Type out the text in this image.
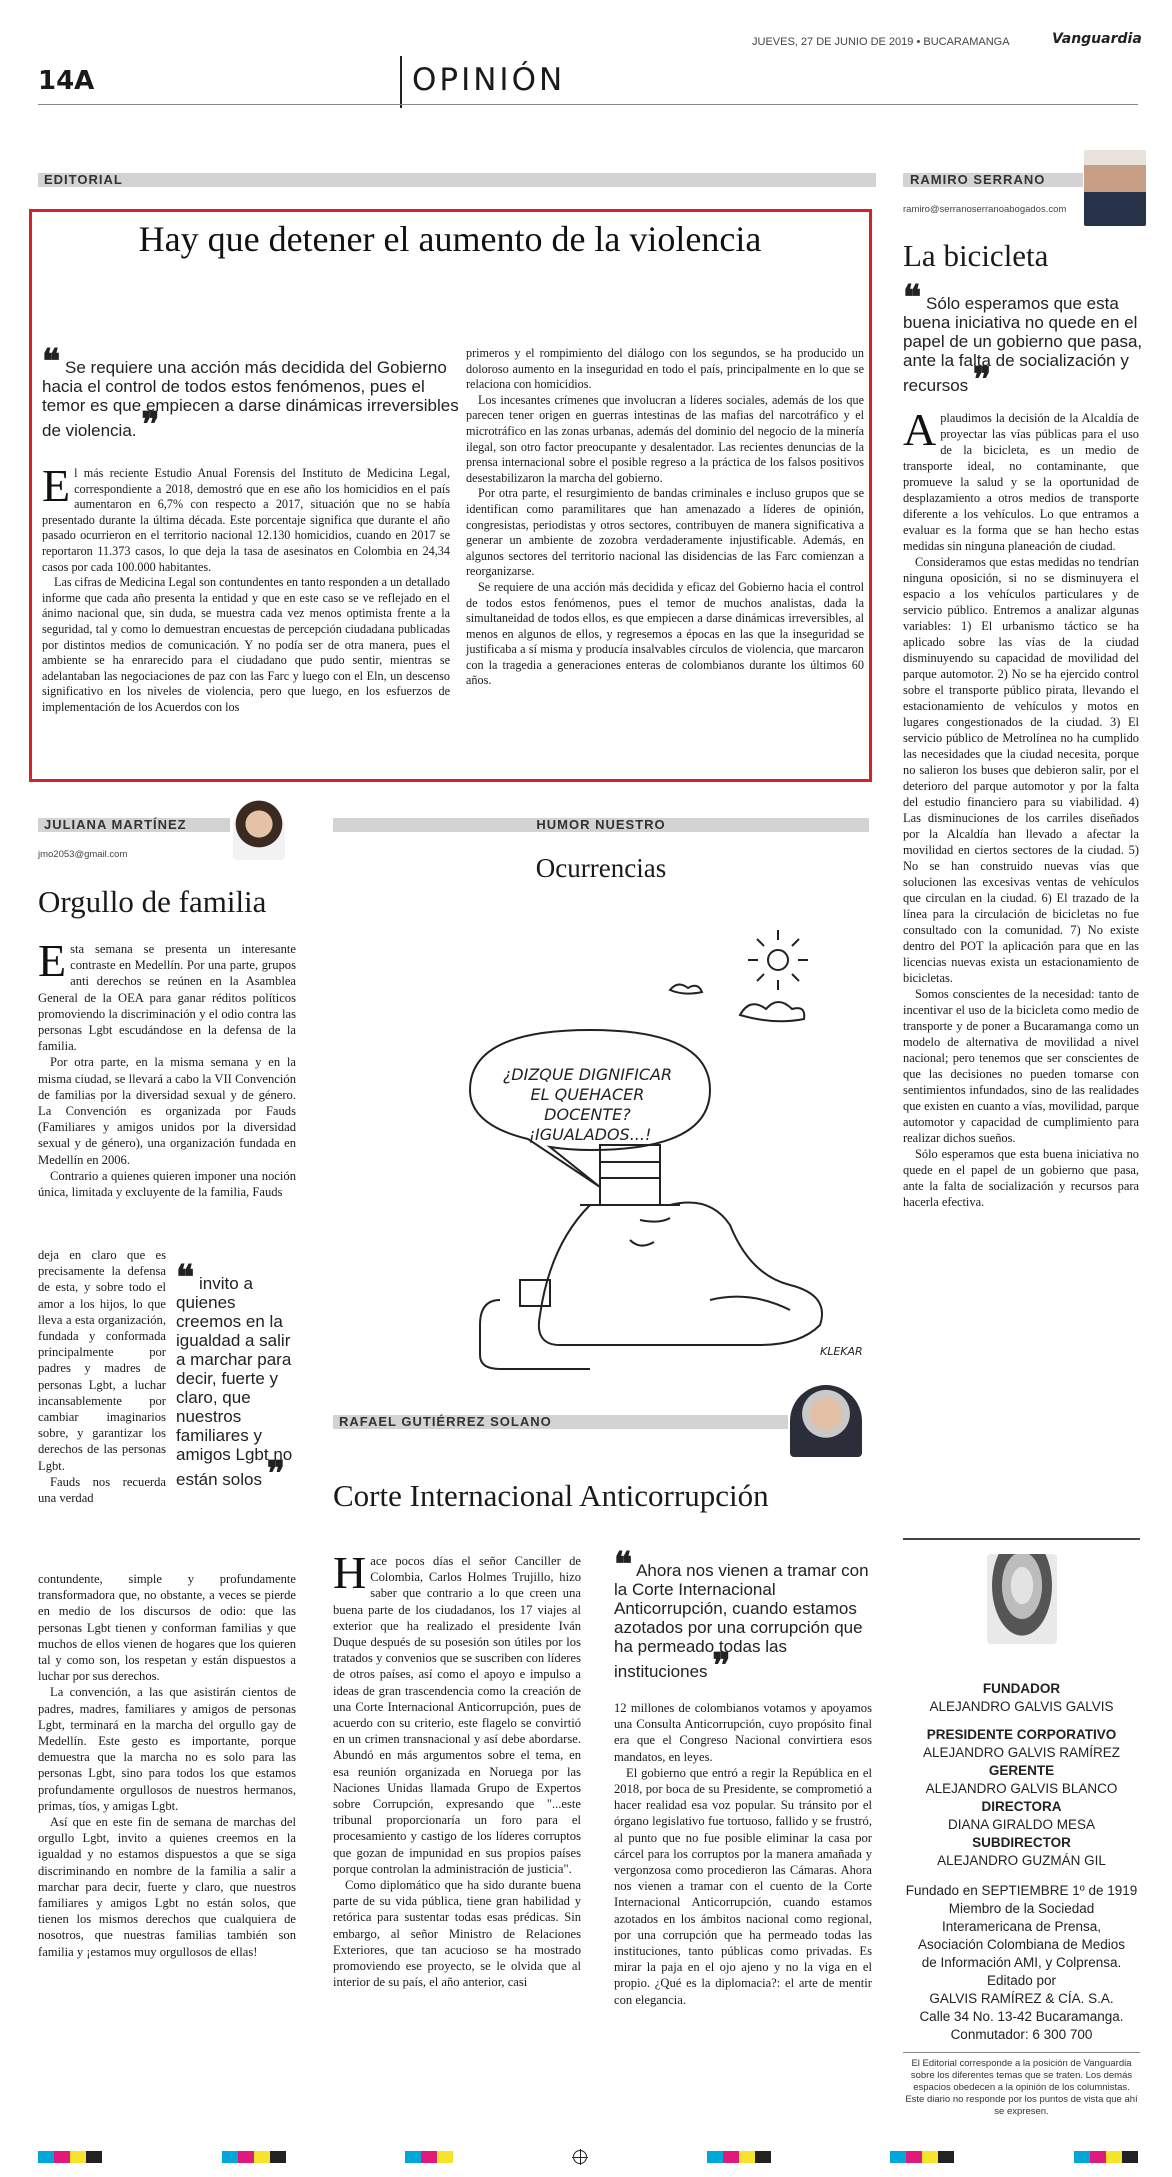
JUEVES, 27 DE JUNIO DE 2019 • BUCARAMANGA	Vanguardia
14A	OPINIÓN
EDITORIAL
Hay que detener el aumento de la violencia
❝ Se requiere una acción más decidida del Gobierno hacia el control de todos estos fenómenos, pues el temor es que empiecen a darse dinámicas irreversibles de violencia. ❞
E l más reciente Estudio Anual Forensis del Instituto de Medicina Legal, correspondiente a 2018, demostró que en ese año los homicidios en el país aumentaron en 6,7% con respecto a 2017, situación que no se había presentado durante la última década. Este porcentaje significa que durante el año pasado ocurrieron en el territorio nacional 12.130 homicidios, cuando en 2017 se reportaron 11.373 casos, lo que deja la tasa de asesinatos en Colombia en 24,34 casos por cada 100.000 habitantes.

Las cifras de Medicina Legal son contundentes en tanto responden a un detallado informe que cada año presenta la entidad y que en este caso se ve reflejado en el ánimo nacional que, sin duda, se muestra cada vez menos optimista frente a la seguridad, tal y como lo demuestran encuestas de percepción ciudadana publicadas por distintos medios de comunicación. Y no podía ser de otra manera, pues el ambiente se ha enrarecido para el ciudadano que pudo sentir, mientras se adelantaban las negociaciones de paz con las Farc y luego con el Eln, un descenso significativo en los niveles de violencia, pero que luego, en los esfuerzos de implementación de los Acuerdos con los

primeros y el rompimiento del diálogo con los segundos, se ha producido un doloroso aumento en la inseguridad en todo el país, principalmente en lo que se relaciona con homicidios.

Los incesantes crímenes que involucran a líderes sociales, además de los que parecen tener origen en guerras intestinas de las mafias del narcotráfico y el microtráfico en las zonas urbanas, además del dominio del negocio de la minería ilegal, son otro factor preocupante y desalentador. Las recientes denuncias de la prensa internacional sobre el posible regreso a la práctica de los falsos positivos desestabilizaron la marcha del gobierno.

Por otra parte, el resurgimiento de bandas criminales e incluso grupos que se identifican como paramilitares que han amenazado a líderes de opinión, congresistas, periodistas y otros sectores, contribuyen de manera significativa a generar un ambiente de zozobra verdaderamente injustificable. Además, en algunos sectores del territorio nacional las disidencias de las Farc comienzan a reorganizarse.

Se requiere de una acción más decidida y eficaz del Gobierno hacia el control de todos estos fenómenos, pues el temor de muchos analistas, dada la simultaneidad de todos ellos, es que empiecen a darse dinámicas irreversibles, al menos en algunos de ellos, y regresemos a épocas en las que la inseguridad se justificaba a sí misma y producía insalvables círculos de violencia, que marcaron con la tragedia a generaciones enteras de colombianos durante los últimos 60 años.

RAMIRO SERRANO
ramiro@serranoserranoabogados.com
La bicicleta
❝ Sólo esperamos que esta buena iniciativa no quede en el papel de un gobierno que pasa, ante la falta de socialización y recursos ❞
A plaudimos la decisión de la Alcaldía de proyectar las vías públicas para el uso de la bicicleta, es un medio de transporte ideal, no contaminante, que promueve la salud y se la oportunidad de desplazamiento a otros medios de transporte diferente a los vehículos. Lo que entramos a evaluar es la forma que se han hecho estas medidas sin ninguna planeación de ciudad.

Consideramos que estas medidas no tendrían ninguna oposición, si no se disminuyera el espacio a los vehículos particulares y de servicio público. Entremos a analizar algunas variables: 1) El urbanismo táctico se ha aplicado sobre las vías de la ciudad disminuyendo su capacidad de movilidad del parque automotor. 2) No se ha ejercido control sobre el transporte público pirata, llevando el estacionamiento de vehículos y motos en lugares congestionados de la ciudad. 3) El servicio público de Metrolínea no ha cumplido las necesidades que la ciudad necesita, porque no salieron los buses que debieron salir, por el deterioro del parque automotor y por la falta del estudio financiero para su viabilidad. 4) Las disminuciones de los carriles diseñados por la Alcaldía han llevado a afectar la movilidad en ciertos sectores de la ciudad. 5) No se han construido nuevas vías que solucionen las excesivas ventas de vehículos que circulan en la ciudad. 6) El trazado de la línea para la circulación de bicicletas no fue consultado con la comunidad. 7) No existe dentro del POT la aplicación para que en las licencias nuevas exista un estacionamiento de bicicletas.

Somos conscientes de la necesidad: tanto de incentivar el uso de la bicicleta como medio de transporte y de poner a Bucaramanga como un modelo de alternativa de movilidad a nivel nacional; pero tenemos que ser conscientes de que las decisiones no pueden tomarse con sentimientos infundados, sino de las realidades que existen en cuanto a vías, movilidad, parque automotor y capacidad de cumplimiento para realizar dichos sueños.

Sólo esperamos que esta buena iniciativa no quede en el papel de un gobierno que pasa, ante la falta de socialización y recursos para hacerla efectiva.

JULIANA MARTÍNEZ
jmo2053@gmail.com
Orgullo de familia
E sta semana se presenta un interesante contraste en Medellín. Por una parte, grupos anti derechos se reúnen en la Asamblea General de la OEA para ganar réditos políticos promoviendo la discriminación y el odio contra las personas Lgbt escudándose en la defensa de la familia.

Por otra parte, en la misma semana y en la misma ciudad, se llevará a cabo la VII Convención de familias por la diversidad sexual y de género. La Convención es organizada por Fauds (Familiares y amigos unidos por la diversidad sexual y de género), una organización fundada en Medellín en 2006.

Contrario a quienes quieren imponer una noción única, limitada y excluyente de la familia, Fauds

deja en claro que es precisamente la defensa de esta, y sobre todo el amor a los hijos, lo que lleva a esta organización, fundada y conformada principalmente por padres y madres de personas Lgbt, a luchar incansablemente por cambiar imaginarios sobre, y garantizar los derechos de las personas Lgbt.

Fauds nos recuerda una verdad

❝ invito a quienes creemos en la igualdad a salir a marchar para decir, fuerte y claro, que nuestros familiares y amigos Lgbt no están solos ❞

contundente, simple y profundamente transformadora que, no obstante, a veces se pierde en medio de los discursos de odio: que las personas Lgbt tienen y conforman familias y que muchos de ellos vienen de hogares que los quieren tal y como son, los respetan y están dispuestos a luchar por sus derechos.

La convención, a las que asistirán cientos de padres, madres, familiares y amigos de personas Lgbt, terminará en la marcha del orgullo gay de Medellín. Este gesto es importante, porque demuestra que la marcha no es solo para las personas Lgbt, sino para todos los que estamos profundamente orgullosos de nuestros hermanos, primas, tíos, y amigas Lgbt.

Así que en este fin de semana de marchas del orgullo Lgbt, invito a quienes creemos en la igualdad y no estamos dispuestos a que se siga discriminando en nombre de la familia a salir a marchar para decir, fuerte y claro, que nuestros familiares y amigos Lgbt no están solos, que tienen los mismos derechos que cualquiera de nosotros, que nuestras familias también son familia y ¡estamos muy orgullosos de ellas!

HUMOR NUESTRO
Ocurrencias
¿DIZQUE DIGNIFICAR EL QUEHACER DOCENTE? ¡IGUALADOS...!
KLEKAR
RAFAEL GUTIÉRREZ SOLANO
Corte Internacional Anticorrupción
H ace pocos días el señor Canciller de Colombia, Carlos Holmes Trujillo, hizo saber que contrario a lo que creen una buena parte de los ciudadanos, los 17 viajes al exterior que ha realizado el presidente Iván Duque después de su posesión son útiles por los tratados y convenios que se suscriben con líderes de otros países, así como el apoyo e impulso a ideas de gran trascendencia como la creación de una Corte Internacional Anticorrupción, pues de acuerdo con su criterio, este flagelo se convirtió en un crimen transnacional y así debe abordarse. Abundó en más argumentos sobre el tema, en esa reunión organizada en Noruega por las Naciones Unidas llamada Grupo de Expertos sobre Corrupción, expresando que "...este tribunal proporcionaría un foro para el procesamiento y castigo de los líderes corruptos que gozan de impunidad en sus propios países porque controlan la administración de justicia".

Como diplomático que ha sido durante buena parte de su vida pública, tiene gran habilidad y retórica para sustentar todas esas prédicas. Sin embargo, al señor Ministro de Relaciones Exteriores, que tan acucioso se ha mostrado promoviendo ese proyecto, se le olvida que al interior de su país, el año anterior, casi

❝ Ahora nos vienen a tramar con la Corte Internacional Anticorrupción, cuando estamos azotados por una corrupción que ha permeado todas las instituciones ❞

12 millones de colombianos votamos y apoyamos una Consulta Anticorrupción, cuyo propósito final era que el Congreso Nacional convirtiera esos mandatos, en leyes.

El gobierno que entró a regir la República en el 2018, por boca de su Presidente, se comprometió a hacer realidad esa voz popular. Su tránsito por el órgano legislativo fue tortuoso, fallido y se frustró, al punto que no fue posible eliminar la casa por cárcel para los corruptos por la manera amañada y vergonzosa como procedieron las Cámaras. Ahora nos vienen a tramar con el cuento de la Corte Internacional Anticorrupción, cuando estamos azotados en los ámbitos nacional como regional, por una corrupción que ha permeado todas las instituciones, tanto públicas como privadas. Es mirar la paja en el ojo ajeno y no la viga en el propio. ¿Qué es la diplomacia?: el arte de mentir con elegancia.

FUNDADOR
ALEJANDRO GALVIS GALVIS
PRESIDENTE CORPORATIVO
ALEJANDRO GALVIS RAMÍREZ
GERENTE
ALEJANDRO GALVIS BLANCO
DIRECTORA
DIANA GIRALDO MESA
SUBDIRECTOR
ALEJANDRO GUZMÁN GIL
Fundado en SEPTIEMBRE 1º de 1919
Miembro de la Sociedad
Interamericana de Prensa,
Asociación Colombiana de Medios
de Información AMI, y Colprensa.
Editado por
GALVIS RAMÍREZ & CÍA. S.A.
Calle 34 No. 13-42 Bucaramanga.
Conmutador: 6 300 700
El Editorial corresponde a la posición de Vanguardia sobre los diferentes temas que se traten. Los demás espacios obedecen a la opinión de los columnistas. Este diario no responde por los puntos de vista que ahí se expresen.
